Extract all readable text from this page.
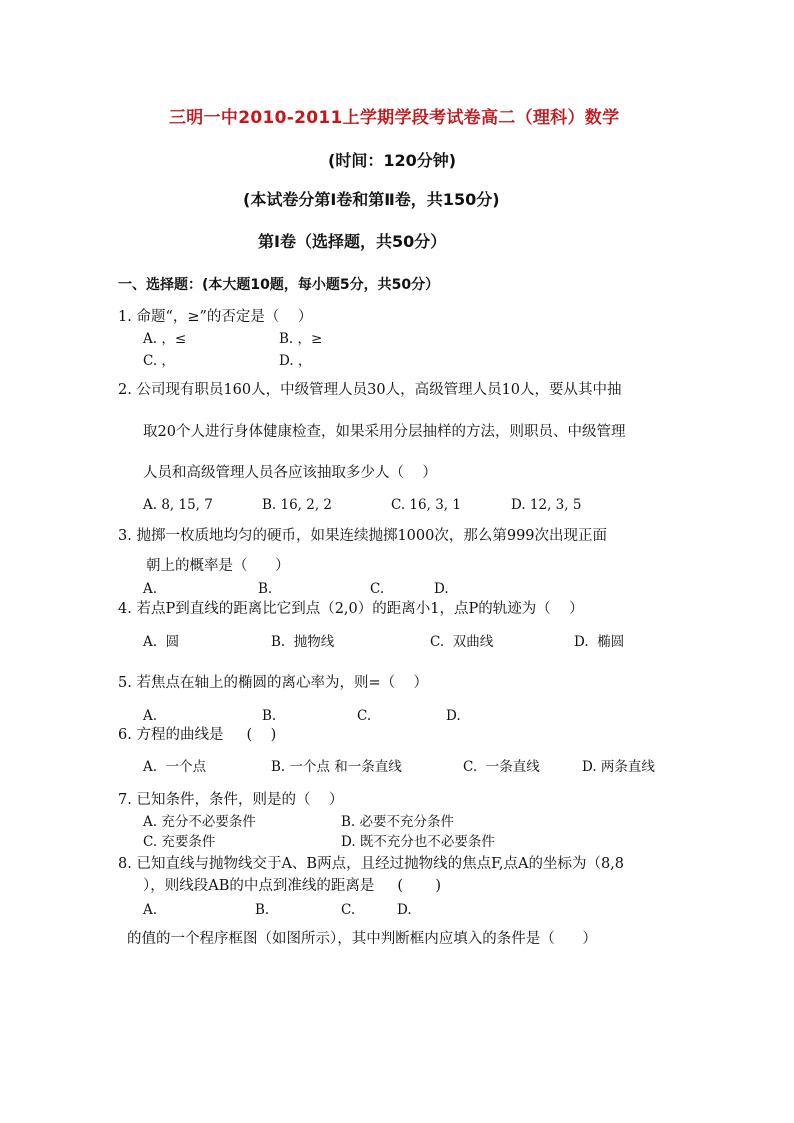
三明一中2010-2011上学期学段考试卷高二（理科）数学
(时间：120分钟)
(本试卷分第Ⅰ卷和第Ⅱ卷，共150分)
第Ⅰ卷（选择题，共50分）
一、选择题：(本大题10题，每小题5分，共50分）
1. 命题“，≥”的否定是（    ）
A. ，≤	B. ，≥
C. ，	D. ，
2. 公司现有职员160人，中级管理人员30人，高级管理人员10人，要从其中抽
取20个人进行身体健康检查，如果采用分层抽样的方法，则职员、中级管理
人员和高级管理人员各应该抽取多少人（    ）
A. 8, 15, 7	B. 16, 2, 2	C. 16, 3, 1	D. 12, 3, 5
3. 抛掷一枚质地均匀的硬币，如果连续抛掷1000次，那么第999次出现正面
朝上的概率是（      ）
A.	B.	C.	D.
4. 若点P到直线的距离比它到点（2,0）的距离小1，点P的轨迹为（    ）
A.  圆	B.  抛物线	C.  双曲线	D.  椭圆
5. 若焦点在轴上的椭圆的离心率为，则=（    ）
A.	B.	C.	D.
6. 方程的曲线是     (    )
A.  一个点	B. 一个点 和一条直线	C.  一条直线	D. 两条直线
7. 已知条件，条件，则是的（    ）
A. 充分不必要条件	B. 必要不充分条件
C. 充要条件	D. 既不充分也不必要条件
8. 已知直线与抛物线交于A、B两点，且经过抛物线的焦点F,点A的坐标为（8,8
），则线段AB的中点到准线的距离是     (       )
A.	B.	C.	D.
的值的一个程序框图（如图所示），其中判断框内应填入的条件是（      ）
